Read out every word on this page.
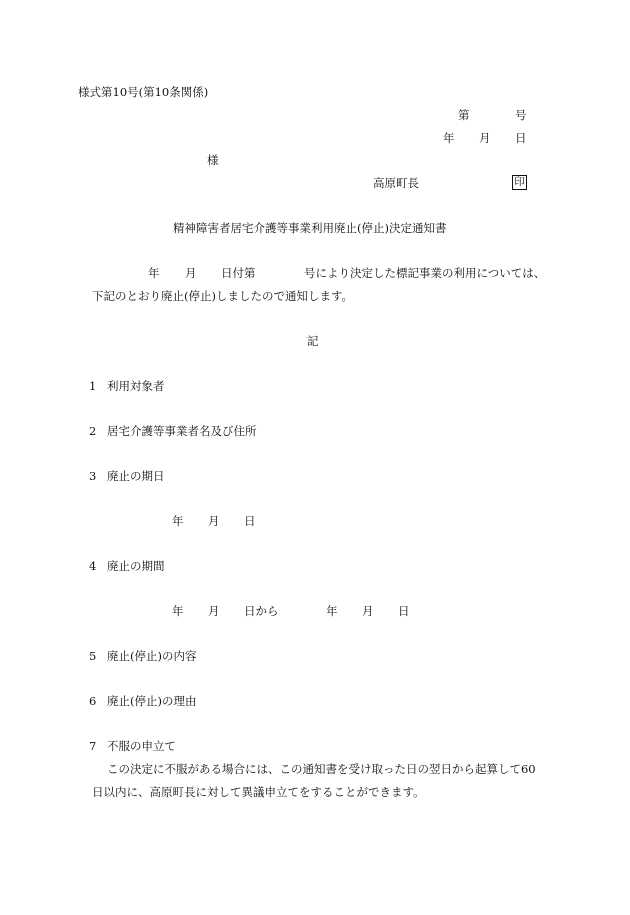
様式第10号(第10条関係)
第	号
年 月 日
様
高原町長	印
精神障害者居宅介護等事業利用廃止(停止)決定通知書
年 月 日付第	号により決定した標記事業の利用については、
下記のとおり廃止(停止)しましたので通知します。
記
1 利用対象者
2 居宅介護等事業者名及び住所
3 廃止の期日
年 月 日
4 廃止の期間
年 月 日から	年 月 日
5 廃止(停止)の内容
6 廃止(停止)の理由
7 不服の申立て
この決定に不服がある場合には、この通知書を受け取った日の翌日から起算して60
日以内に、高原町長に対して異議申立てをすることができます。
